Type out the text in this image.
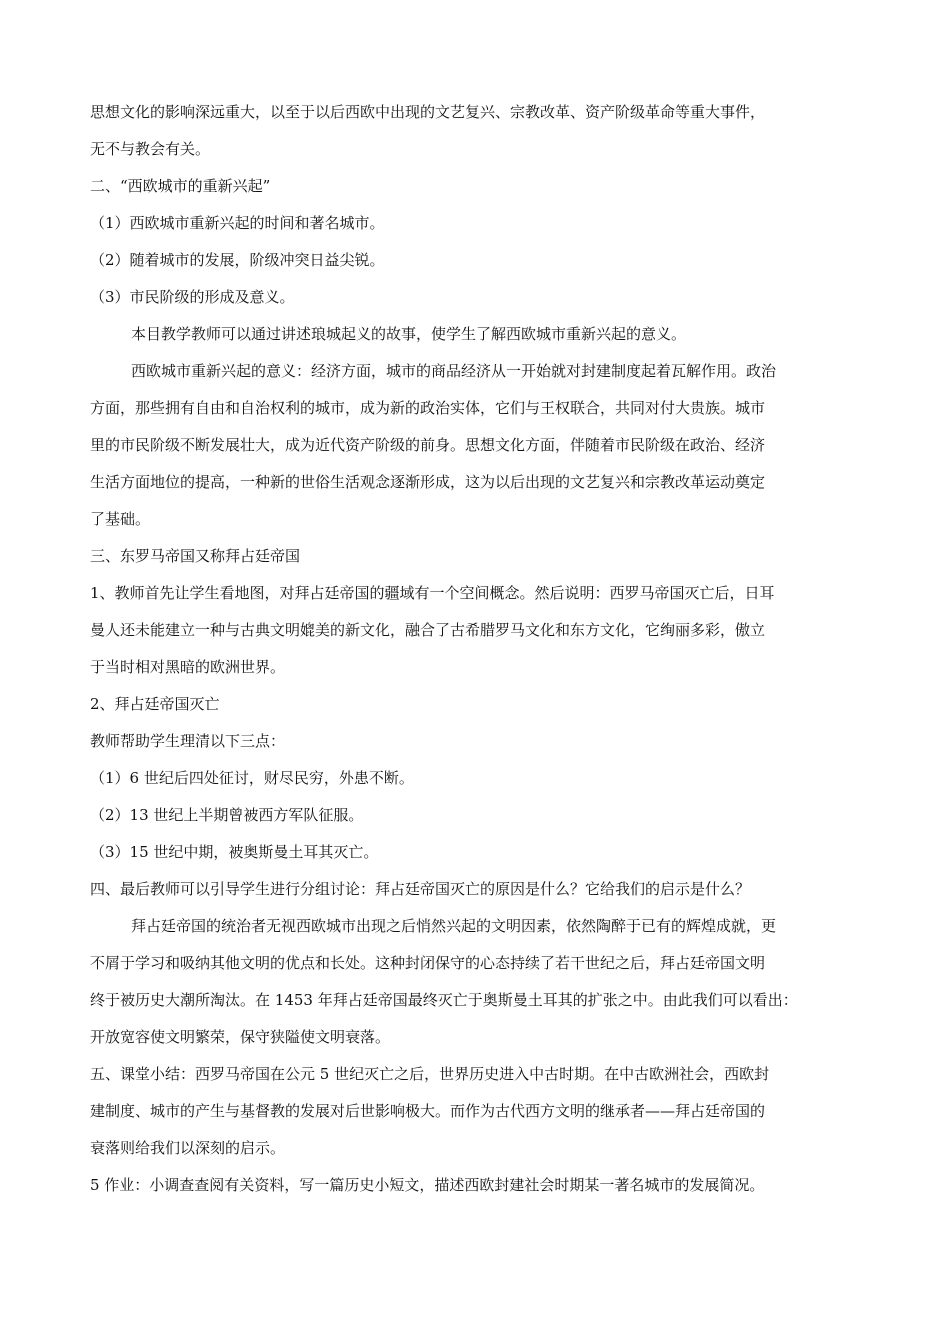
思想文化的影响深远重大，以至于以后西欧中出现的文艺复兴、宗教改革、资产阶级革命等重大事件，
无不与教会有关。
二、“西欧城市的重新兴起”
（1）西欧城市重新兴起的时间和著名城市。
（2）随着城市的发展，阶级冲突日益尖锐。
（3）市民阶级的形成及意义。
本目教学教师可以通过讲述琅城起义的故事，使学生了解西欧城市重新兴起的意义。
西欧城市重新兴起的意义：经济方面，城市的商品经济从一开始就对封建制度起着瓦解作用。政治
方面，那些拥有自由和自治权利的城市，成为新的政治实体，它们与王权联合，共同对付大贵族。城市
里的市民阶级不断发展壮大，成为近代资产阶级的前身。思想文化方面，伴随着市民阶级在政治、经济
生活方面地位的提高，一种新的世俗生活观念逐渐形成，这为以后出现的文艺复兴和宗教改革运动奠定
了基础。
三、东罗马帝国又称拜占廷帝国
1、教师首先让学生看地图，对拜占廷帝国的疆域有一个空间概念。然后说明：西罗马帝国灭亡后，日耳
曼人还未能建立一种与古典文明媲美的新文化，融合了古希腊罗马文化和东方文化，它绚丽多彩，傲立
于当时相对黑暗的欧洲世界。
2、拜占廷帝国灭亡
教师帮助学生理清以下三点：
（1）6 世纪后四处征讨，财尽民穷，外患不断。
（2）13 世纪上半期曾被西方军队征服。
（3）15 世纪中期，被奥斯曼土耳其灭亡。
四、最后教师可以引导学生进行分组讨论：拜占廷帝国灭亡的原因是什么？它给我们的启示是什么？
拜占廷帝国的统治者无视西欧城市出现之后悄然兴起的文明因素，依然陶醉于已有的辉煌成就，更
不屑于学习和吸纳其他文明的优点和长处。这种封闭保守的心态持续了若干世纪之后，拜占廷帝国文明
终于被历史大潮所淘汰。在 1453 年拜占廷帝国最终灭亡于奥斯曼土耳其的扩张之中。由此我们可以看出：
开放宽容使文明繁荣，保守狭隘使文明衰落。
五、课堂小结：西罗马帝国在公元 5 世纪灭亡之后，世界历史进入中古时期。在中古欧洲社会，西欧封
建制度、城市的产生与基督教的发展对后世影响极大。而作为古代西方文明的继承者——拜占廷帝国的
衰落则给我们以深刻的启示。
5 作业：小调查查阅有关资料，写一篇历史小短文，描述西欧封建社会时期某一著名城市的发展简况。
